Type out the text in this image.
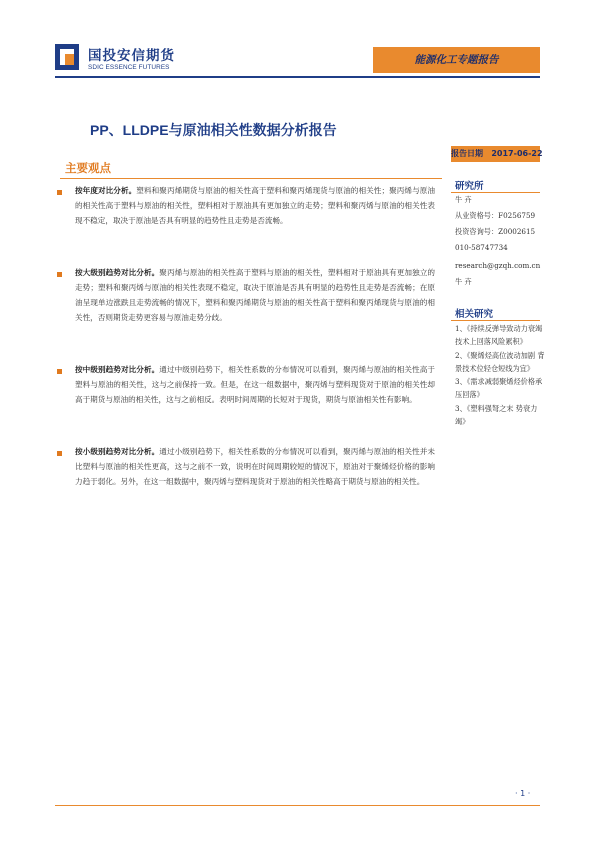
国投安信期货
SDIC ESSENCE FUTURES
能源化工专题报告
PP、LLDPE与原油相关性数据分析报告
报告日期 2017-06-22
主要观点
按年度对比分析。塑料和聚丙烯期货与原油的相关性高于塑料和聚丙烯现货与原油的相关性；聚丙烯与原油的相关性高于塑料与原油的相关性，塑料相对于原油具有更加独立的走势；塑料和聚丙烯与原油的相关性表现不稳定，取决于原油是否具有明显的趋势性且走势是否流畅。
按大级别趋势对比分析。聚丙烯与原油的相关性高于塑料与原油的相关性，塑料相对于原油具有更加独立的走势；塑料和聚丙烯与原油的相关性表现不稳定，取决于原油是否具有明显的趋势性且走势是否流畅；在原油呈现单边涨跌且走势流畅的情况下，塑料和聚丙烯期货与原油的相关性高于塑料和聚丙烯现货与原油的相关性，否则期货走势更容易与原油走势分歧。
按中级别趋势对比分析。通过中级别趋势下，相关性系数的分布情况可以看到，聚丙烯与原油的相关性高于塑料与原油的相关性，这与之前保持一致。但是，在这一组数据中，聚丙烯与塑料现货对于原油的相关性却高于期货与原油的相关性，这与之前相反。表明时间周期的长短对于现货，期货与原油相关性有影响。
按小级别趋势对比分析。通过小级别趋势下，相关性系数的分布情况可以看到，聚丙烯与原油的相关性并未比塑料与原油的相关性更高，这与之前不一致，说明在时间周期较短的情况下，原油对于聚烯烃价格的影响力趋于弱化。另外，在这一组数据中，聚丙烯与塑料现货对于原油的相关性略高于期货与原油的相关性。
研究所
牛 卉
从业资格号：F0256759
投资咨询号：Z0002615
010-58747734
research@gzqh.com.cn
牛 卉
相关研究
1、《持续反弹导致动力衰竭 技术上回落风险累积》
2、《聚烯烃高位波动加剧 背景技术位轻仓短线为宜》
3、《需求减弱聚烯烃价格承压回落》
3、《塑料强弩之末 势衰力竭》
· 1 ·
